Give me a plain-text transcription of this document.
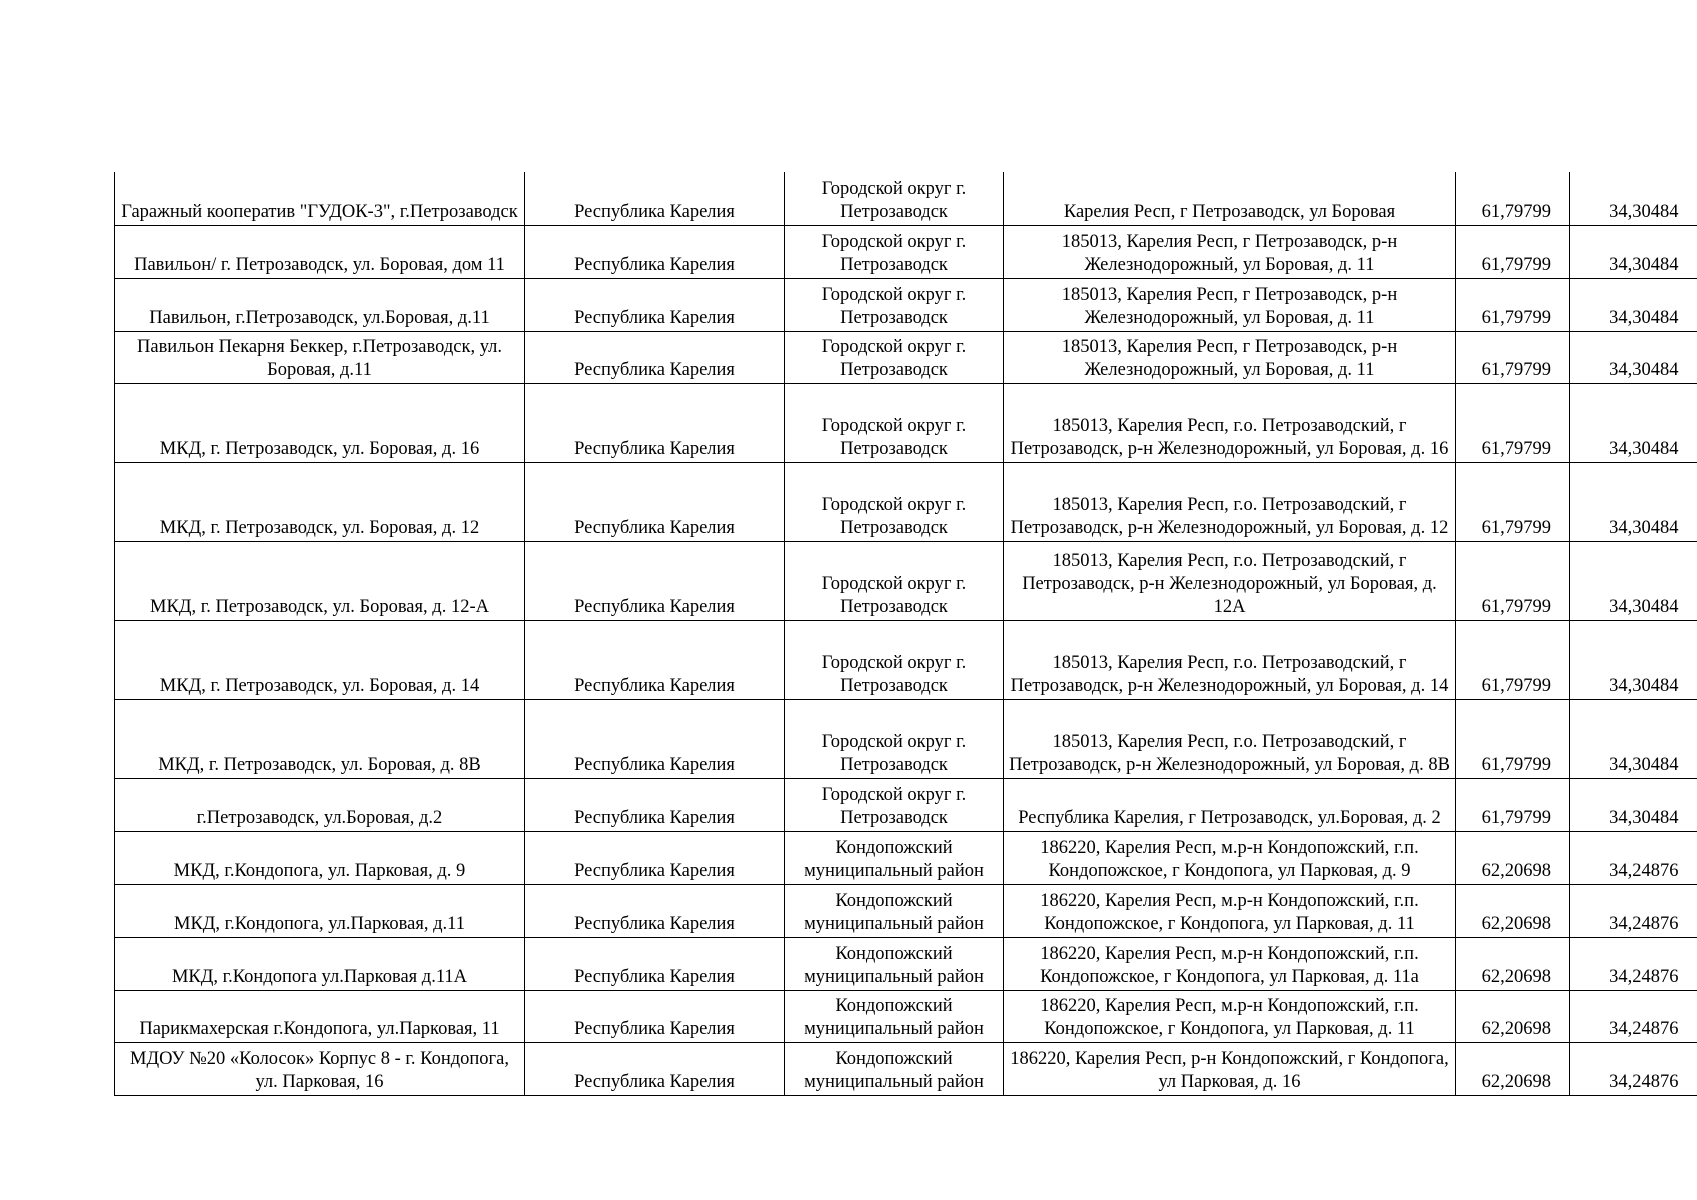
Гаражный кооператив "ГУДОК-3", г.Петрозаводск	Республика Карелия	Городской округ г. Петрозаводск	Карелия Респ, г Петрозаводск, ул Боровая	61,79799	34,30484
Павильон/ г. Петрозаводск, ул. Боровая, дом 11	Республика Карелия	Городской округ г. Петрозаводск	185013, Карелия Респ, г Петрозаводск, р-н Железнодорожный, ул Боровая, д. 11	61,79799	34,30484
Павильон, г.Петрозаводск, ул.Боровая, д.11	Республика Карелия	Городской округ г. Петрозаводск	185013, Карелия Респ, г Петрозаводск, р-н Железнодорожный, ул Боровая, д. 11	61,79799	34,30484
Павильон Пекарня Беккер, г.Петрозаводск, ул. Боровая, д.11	Республика Карелия	Городской округ г. Петрозаводск	185013, Карелия Респ, г Петрозаводск, р-н Железнодорожный, ул Боровая, д. 11	61,79799	34,30484
МКД, г. Петрозаводск, ул. Боровая, д. 16	Республика Карелия	Городской округ г. Петрозаводск	185013, Карелия Респ, г.о. Петрозаводский, г Петрозаводск, р-н Железнодорожный, ул Боровая, д. 16	61,79799	34,30484
МКД, г. Петрозаводск, ул. Боровая, д. 12	Республика Карелия	Городской округ г. Петрозаводск	185013, Карелия Респ, г.о. Петрозаводский, г Петрозаводск, р-н Железнодорожный, ул Боровая, д. 12	61,79799	34,30484
МКД, г. Петрозаводск, ул. Боровая, д. 12-А	Республика Карелия	Городской округ г. Петрозаводск	185013, Карелия Респ, г.о. Петрозаводский, г Петрозаводск, р-н Железнодорожный, ул Боровая, д. 12А	61,79799	34,30484
МКД, г. Петрозаводск, ул. Боровая, д. 14	Республика Карелия	Городской округ г. Петрозаводск	185013, Карелия Респ, г.о. Петрозаводский, г Петрозаводск, р-н Железнодорожный, ул Боровая, д. 14	61,79799	34,30484
МКД, г. Петрозаводск, ул. Боровая, д. 8В	Республика Карелия	Городской округ г. Петрозаводск	185013, Карелия Респ, г.о. Петрозаводский, г Петрозаводск, р-н Железнодорожный, ул Боровая, д. 8В	61,79799	34,30484
г.Петрозаводск, ул.Боровая, д.2	Республика Карелия	Городской округ г. Петрозаводск	Республика Карелия, г Петрозаводск, ул.Боровая, д. 2	61,79799	34,30484
МКД, г.Кондопога, ул. Парковая, д. 9	Республика Карелия	Кондопожский муниципальный район	186220, Карелия Респ, м.р-н Кондопожский, г.п. Кондопожское, г Кондопога, ул Парковая, д. 9	62,20698	34,24876
МКД, г.Кондопога, ул.Парковая, д.11	Республика Карелия	Кондопожский муниципальный район	186220, Карелия Респ, м.р-н Кондопожский, г.п. Кондопожское, г Кондопога, ул Парковая, д. 11	62,20698	34,24876
МКД, г.Кондопога ул.Парковая д.11А	Республика Карелия	Кондопожский муниципальный район	186220, Карелия Респ, м.р-н Кондопожский, г.п. Кондопожское, г Кондопога, ул Парковая, д. 11а	62,20698	34,24876
Парикмахерская г.Кондопога, ул.Парковая, 11	Республика Карелия	Кондопожский муниципальный район	186220, Карелия Респ, м.р-н Кондопожский, г.п. Кондопожское, г Кондопога, ул Парковая, д. 11	62,20698	34,24876
МДОУ №20 «Колосок» Корпус 8 - г. Кондопога, ул. Парковая, 16	Республика Карелия	Кондопожский муниципальный район	186220, Карелия Респ, р-н Кондопожский, г Кондопога, ул Парковая, д. 16	62,20698	34,24876
